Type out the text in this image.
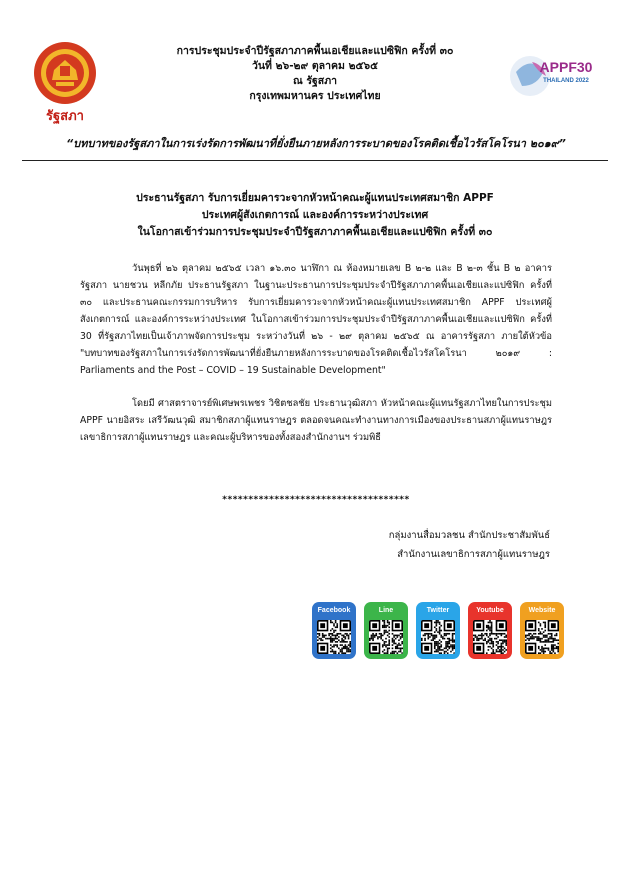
รัฐสภา
APPF30
THAILAND 2022
การประชุมประจำปีรัฐสภาภาคพื้นเอเชียและแปซิฟิก ครั้งที่ ๓๐
วันที่ ๒๖-๒๙ ตุลาคม ๒๕๖๕
ณ รัฐสภา
กรุงเทพมหานคร ประเทศไทย
“บทบาทของรัฐสภาในการเร่งรัดการพัฒนาที่ยั่งยืนภายหลังการระบาดของโรคติดเชื้อไวรัสโคโรนา ๒๐๑๙”
ประธานรัฐสภา รับการเยี่ยมคารวะจากหัวหน้าคณะผู้แทนประเทศสมาชิก APPF
ประเทศผู้สังเกตการณ์ และองค์การระหว่างประเทศ
ในโอกาสเข้าร่วมการประชุมประจำปีรัฐสภาภาคพื้นเอเชียและแปซิฟิก ครั้งที่ ๓๐

วันพุธที่ ๒๖ ตุลาคม ๒๕๖๕ เวลา ๑๖.๓๐ นาฬิกา ณ ห้องหมายเลข B ๒-๒ และ B ๒-๓ ชั้น B ๒ อาคารรัฐสภา นายชวน หลีกภัย ประธานรัฐสภา ในฐานะประธานการประชุมประจำปีรัฐสภาภาคพื้นเอเชียและแปซิฟิก ครั้งที่ ๓๐ และประธานคณะกรรมการบริหาร รับการเยี่ยมคารวะจากหัวหน้าคณะผู้แทนประเทศสมาชิก APPF ประเทศผู้สังเกตการณ์ และองค์การระหว่างประเทศ ในโอกาสเข้าร่วมการประชุมประจำปีรัฐสภาภาคพื้นเอเชียและแปซิฟิก ครั้งที่ 30 ที่รัฐสภาไทยเป็นเจ้าภาพจัดการประชุม ระหว่างวันที่ ๒๖ - ๒๙ ตุลาคม ๒๕๖๕ ณ อาคารรัฐสภา ภายใต้หัวข้อ "บทบาทของรัฐสภาในการเร่งรัดการพัฒนาที่ยั่งยืนภายหลังการระบาดของโรคติดเชื้อไวรัสโคโรนา ๒๐๑๙ : Parliaments and the Post – COVID – 19 Sustainable Development"

โดยมี ศาสตราจารย์พิเศษพรเพชร วิชิตชลชัย ประธานวุฒิสภา หัวหน้าคณะผู้แทนรัฐสภาไทยในการประชุม APPF นายอิสระ เสรีวัฒนวุฒิ สมาชิกสภาผู้แทนราษฎร ตลอดจนคณะทำงานทางการเมืองของประธานสภาผู้แทนราษฎร เลขาธิการสภาผู้แทนราษฎร และคณะผู้บริหารของทั้งสองสำนักงานฯ ร่วมพิธี

************************************
กลุ่มงานสื่อมวลชน สำนักประชาสัมพันธ์
สำนักงานเลขาธิการสภาผู้แทนราษฎร
Facebook	Line	Twitter	Youtube	Website
